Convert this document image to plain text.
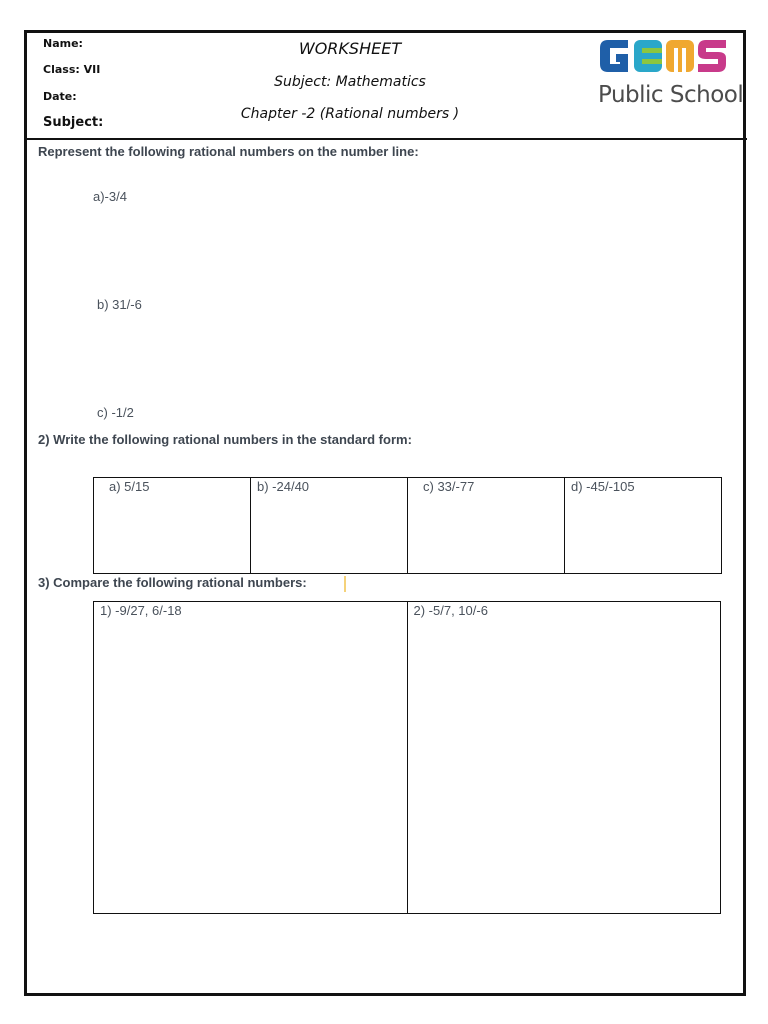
Name:
Class: VII
Date:
Subject:
WORKSHEET
Subject: Mathematics
Chapter -2 (Rational numbers )
Public School
Represent the following rational numbers on the number line:
a)-3/4
b) 31/-6
c) -1/2
2) Write the following rational numbers in the standard form:
a) 5/15	b) -24/40	c) 33/-77	d) -45/-105
3) Compare the following rational numbers:
1) -9/27, 6/-18	2) -5/7, 10/-6
